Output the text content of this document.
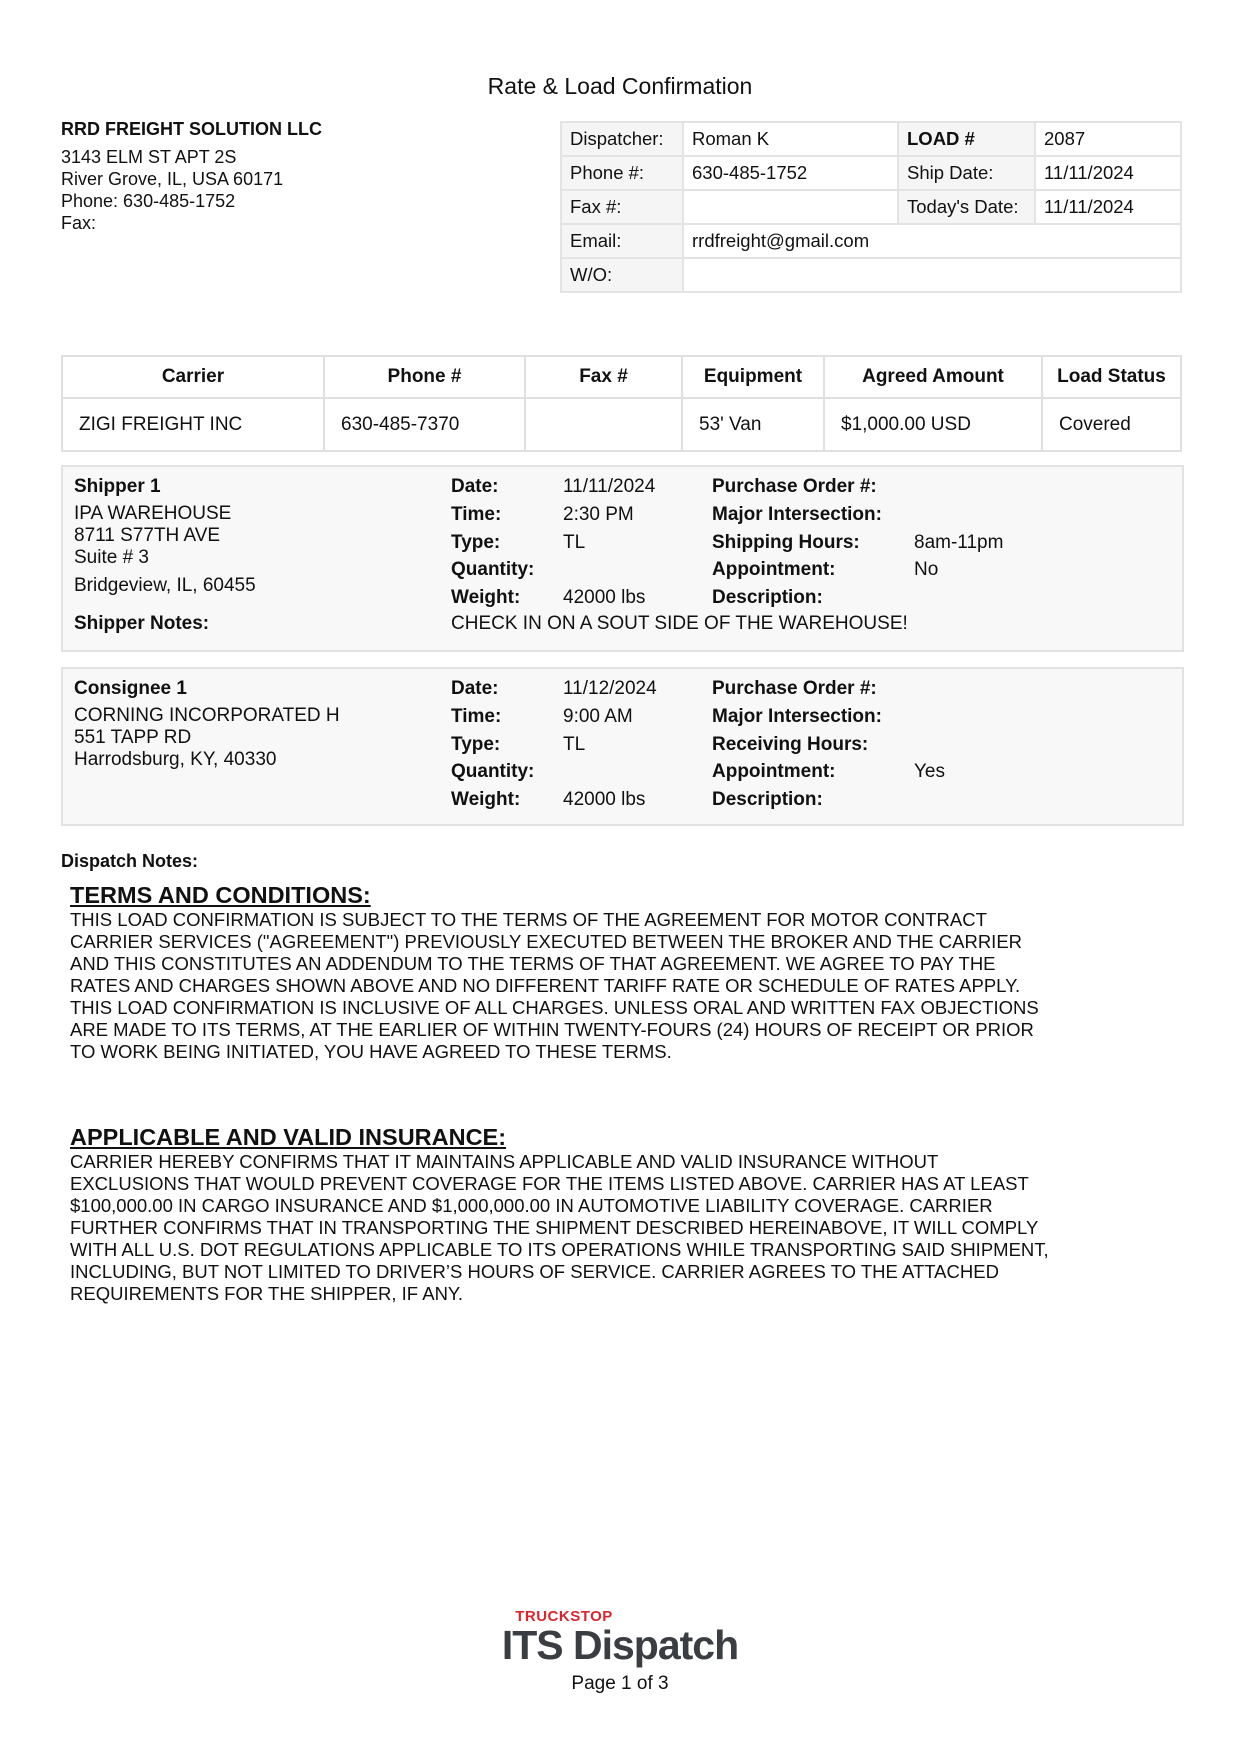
Rate & Load Confirmation
RRD FREIGHT SOLUTION LLC
3143 ELM ST APT 2S
River Grove, IL, USA 60171
Phone: 630-485-1752
Fax:
Dispatcher:	Roman K	LOAD #	2087
Phone #:	630-485-1752	Ship Date:	11/11/2024
Fax #:		Today's Date:	11/11/2024
Email:	rrdfreight@gmail.com		
W/O:			
Carrier	Phone #	Fax #	Equipment	Agreed Amount	Load Status
ZIGI FREIGHT INC	630-485-7370		53' Van	$1,000.00 USD	Covered
Shipper 1
IPA WAREHOUSE
8711 S77TH AVE
Suite # 3
Bridgeview, IL, 60455
Shipper Notes:	CHECK IN ON A SOUT SIDE OF THE WAREHOUSE!
Date:	11/11/2024
Time:	2:30 PM
Type:	TL
Quantity:
Weight: 42000 lbs
Purchase Order #:
Major Intersection:
Shipping Hours:	8am-11pm
Appointment:	No
Description:
Consignee 1
CORNING INCORPORATED H
551 TAPP RD
Harrodsburg, KY, 40330
Date:	11/12/2024
Time:	9:00 AM
Type:	TL
Quantity:
Weight: 42000 lbs
Purchase Order #:
Major Intersection:
Receiving Hours:
Appointment:	Yes
Description:
Dispatch Notes:
TERMS AND CONDITIONS:
THIS LOAD CONFIRMATION IS SUBJECT TO THE TERMS OF THE AGREEMENT FOR MOTOR CONTRACT
CARRIER SERVICES ("AGREEMENT") PREVIOUSLY EXECUTED BETWEEN THE BROKER AND THE CARRIER
AND THIS CONSTITUTES AN ADDENDUM TO THE TERMS OF THAT AGREEMENT. WE AGREE TO PAY THE
RATES AND CHARGES SHOWN ABOVE AND NO DIFFERENT TARIFF RATE OR SCHEDULE OF RATES APPLY.
THIS LOAD CONFIRMATION IS INCLUSIVE OF ALL CHARGES. UNLESS ORAL AND WRITTEN FAX OBJECTIONS
ARE MADE TO ITS TERMS, AT THE EARLIER OF WITHIN TWENTY-FOURS (24) HOURS OF RECEIPT OR PRIOR
TO WORK BEING INITIATED, YOU HAVE AGREED TO THESE TERMS.
APPLICABLE AND VALID INSURANCE:
CARRIER HEREBY CONFIRMS THAT IT MAINTAINS APPLICABLE AND VALID INSURANCE WITHOUT
EXCLUSIONS THAT WOULD PREVENT COVERAGE FOR THE ITEMS LISTED ABOVE. CARRIER HAS AT LEAST
$100,000.00 IN CARGO INSURANCE AND $1,000,000.00 IN AUTOMOTIVE LIABILITY COVERAGE. CARRIER
FURTHER CONFIRMS THAT IN TRANSPORTING THE SHIPMENT DESCRIBED HEREINABOVE, IT WILL COMPLY
WITH ALL U.S. DOT REGULATIONS APPLICABLE TO ITS OPERATIONS WHILE TRANSPORTING SAID SHIPMENT,
INCLUDING, BUT NOT LIMITED TO DRIVER’S HOURS OF SERVICE. CARRIER AGREES TO THE ATTACHED
REQUIREMENTS FOR THE SHIPPER, IF ANY.
TRUCKSTOP
ITS Dispatch
Page 1 of 3
